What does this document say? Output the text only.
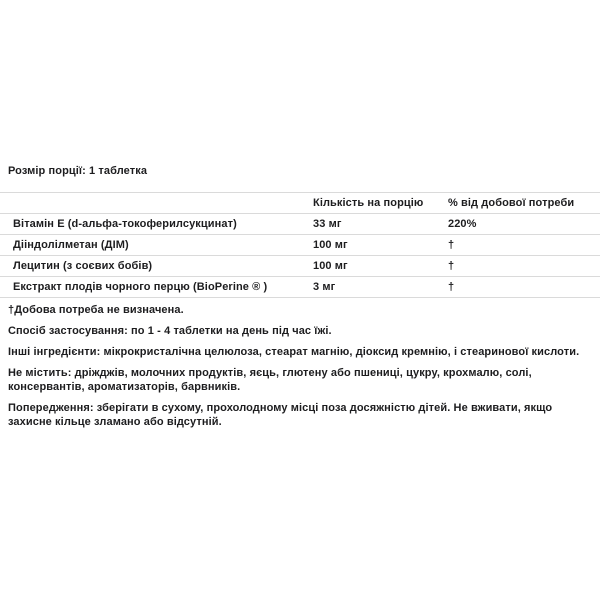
Розмір порції: 1 таблетка
	Кількість на порцію	% від добової потреби
Вітамін E (d-альфа-токоферилсукцинат)	33 мг	220%
Дііндолілметан (ДІМ)	100 мг	†
Лецитин (з соєвих бобів)	100 мг	†
Екстракт плодів чорного перцю (BioPerine ® )	3 мг	†

†Добова потреба не визначена.

Спосіб застосування: по 1 - 4 таблетки на день під час їжі.

Інші інгредієнти: мікрокристалічна целюлоза, стеарат магнію, діоксид кремнію, і стеаринової кислоти.

Не містить: дріжджів, молочних продуктів, яєць, глютену або пшениці, цукру, крохмалю, солі, консервантів, ароматизаторів, барвників.

Попередження: зберігати в сухому, прохолодному місці поза досяжністю дітей. Не вживати, якщо захисне кільце зламано або відсутній.
